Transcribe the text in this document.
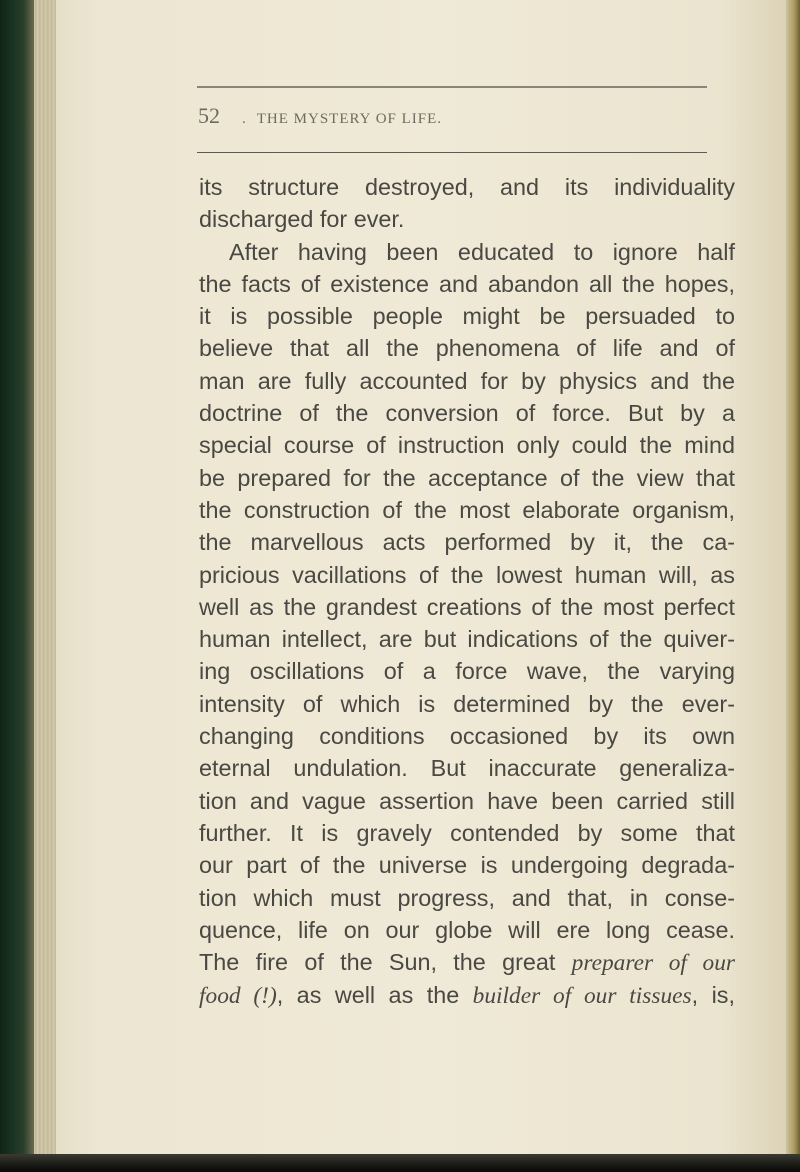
52 . THE MYSTERY OF LIFE.

its structure destroyed, and its individuality

discharged for ever.

After having been educated to ignore half

the facts of existence and abandon all the hopes,

it is possible people might be persuaded to

believe that all the phenomena of life and of

man are fully accounted for by physics and the

doctrine of the conversion of force. But by a

special course of instruction only could the mind

be prepared for the acceptance of the view that

the construction of the most elaborate organism,

the marvellous acts performed by it, the ca-

pricious vacillations of the lowest human will, as

well as the grandest creations of the most perfect

human intellect, are but indications of the quiver-

ing oscillations of a force wave, the varying

intensity of which is determined by the ever-

changing conditions occasioned by its own

eternal undulation. But inaccurate generaliza-

tion and vague assertion have been carried still

further. It is gravely contended by some that

our part of the universe is undergoing degrada-

tion which must progress, and that, in conse-

quence, life on our globe will ere long cease.

The fire of the Sun, the great preparer of our

food (!), as well as the builder of our tissues, is,
